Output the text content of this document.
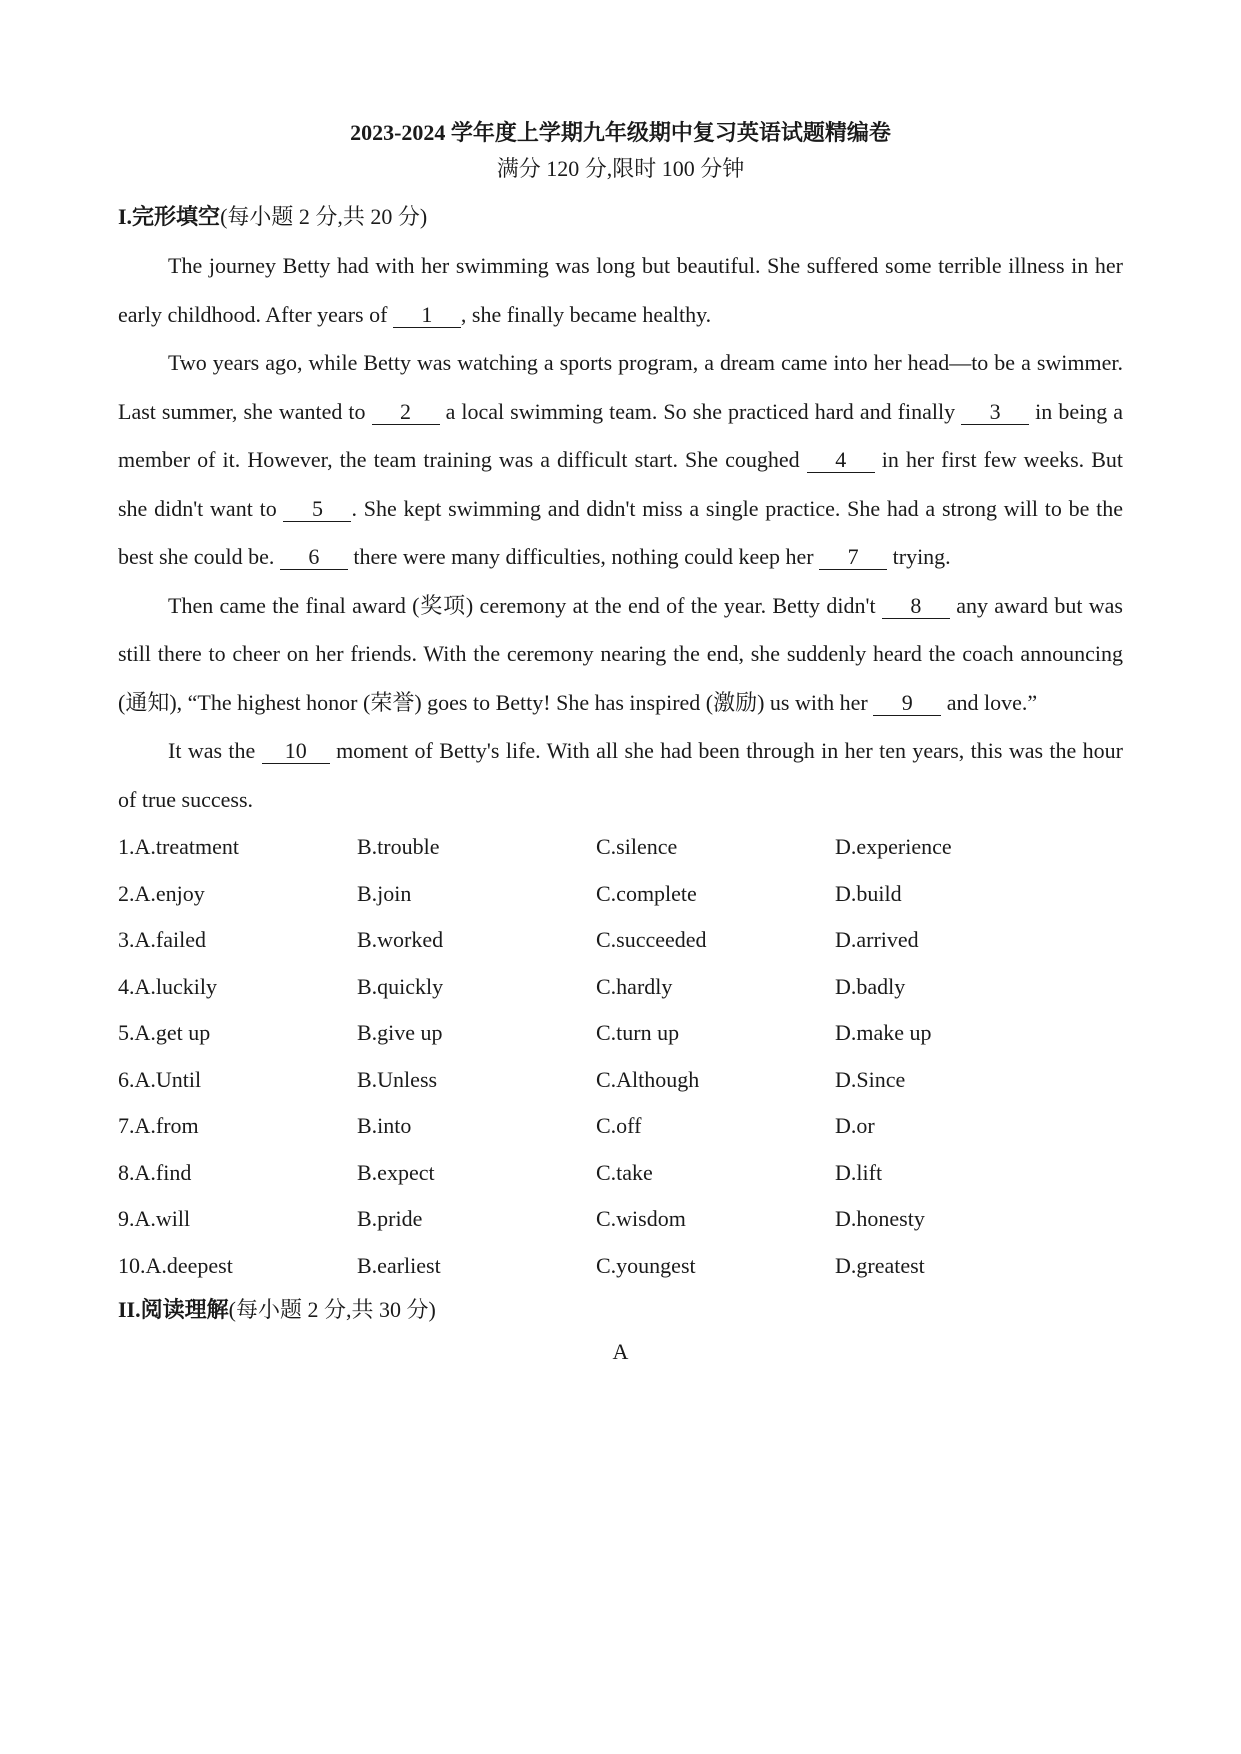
2023-2024 学年度上学期九年级期中复习英语试题精编卷
满分 120 分,限时 100 分钟
I.完形填空(每小题 2 分,共 20 分)

The journey Betty had with her swimming was long but beautiful. She suffered some terrible illness in her early childhood. After years of 1 , she finally became healthy.

Two years ago, while Betty was watching a sports program, a dream came into her head—to be a swimmer. Last summer, she wanted to 2 a local swimming team. So she practiced hard and finally 3 in being a member of it. However, the team training was a difficult start. She coughed 4 in her first few weeks. But she didn't want to 5 . She kept swimming and didn't miss a single practice. She had a strong will to be the best she could be. 6 there were many difficulties, nothing could keep her 7 trying.

Then came the final award (奖项) ceremony at the end of the year. Betty didn't 8 any award but was still there to cheer on her friends. With the ceremony nearing the end, she suddenly heard the coach announcing (通知), “The highest honor (荣誉) goes to Betty! She has inspired (激励) us with her 9 and love.”

It was the 10 moment of Betty's life. With all she had been through in her ten years, this was the hour of true success.

1.A.treatment	B.trouble	C.silence	D.experience
2.A.enjoy	B.join	C.complete	D.build
3.A.failed	B.worked	C.succeeded	D.arrived
4.A.luckily	B.quickly	C.hardly	D.badly
5.A.get up	B.give up	C.turn up	D.make up
6.A.Until	B.Unless	C.Although	D.Since
7.A.from	B.into	C.off	D.or
8.A.find	B.expect	C.take	D.lift
9.A.will	B.pride	C.wisdom	D.honesty
10.A.deepest	B.earliest	C.youngest	D.greatest
II.阅读理解(每小题 2 分,共 30 分)
A
